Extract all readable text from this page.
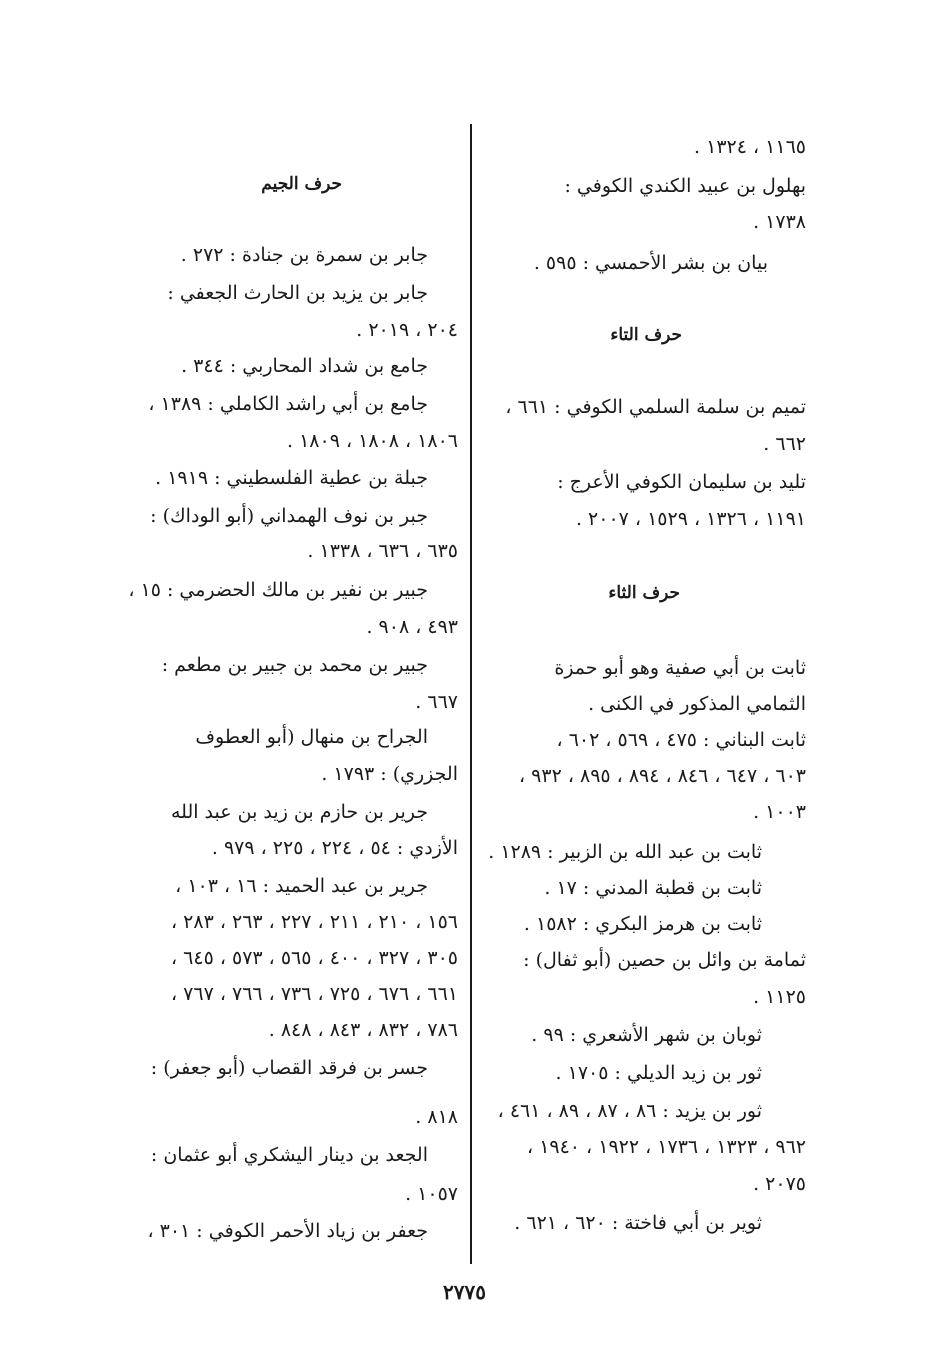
١١٦٥ ، ١٣٢٤ .
بهلول بن عبيد الكندي الكوفي :
١٧٣٨ .
بيان بن بشر الأحمسي : ٥٩٥ .
حرف التاء
تميم بن سلمة السلمي الكوفي : ٦٦١ ،
٦٦٢ .
تليد بن سليمان الكوفي الأعرج :
١١٩١ ، ١٣٢٦ ، ١٥٢٩ ، ٢٠٠٧ .
حرف الثاء
ثابت بن أبي صفية وهو أبو حمزة
الثمامي المذكور في الكنى .
ثابت البناني : ٤٧٥ ، ٥٦٩ ، ٦٠٢ ،
٦٠٣ ، ٦٤٧ ، ٨٤٦ ، ٨٩٤ ، ٨٩٥ ، ٩٣٢ ،
١٠٠٣ .
ثابت بن عبد الله بن الزبير : ١٢٨٩ .
ثابت بن قطبة المدني : ١٧ .
ثابت بن هرمز البكري : ١٥٨٢ .
ثمامة بن وائل بن حصين (أبو ثفال) :
١١٢٥ .
ثوبان بن شهر الأشعري : ٩٩ .
ثور بن زيد الديلي : ١٧٠٥ .
ثور بن يزيد : ٨٦ ، ٨٧ ، ٨٩ ، ٤٦١ ،
٩٦٢ ، ١٣٢٣ ، ١٧٣٦ ، ١٩٢٢ ، ١٩٤٠ ،
٢٠٧٥ .
ثوير بن أبي فاختة : ٦٢٠ ، ٦٢١ .
حرف الجيم
جابر بن سمرة بن جنادة : ٢٧٢ .
جابر بن يزيد بن الحارث الجعفي :
٢٠٤ ، ٢٠١٩ .
جامع بن شداد المحاربي : ٣٤٤ .
جامع بن أبي راشد الكاملي : ١٣٨٩ ،
١٨٠٦ ، ١٨٠٨ ، ١٨٠٩ .
جبلة بن عطية الفلسطيني : ١٩١٩ .
جبر بن نوف الهمداني (أبو الوداك) :
٦٣٥ ، ٦٣٦ ، ١٣٣٨ .
جبير بن نفير بن مالك الحضرمي : ١٥ ،
٤٩٣ ، ٩٠٨ .
جبير بن محمد بن جبير بن مطعم :
٦٦٧ .
الجراح بن منهال (أبو العطوف
الجزري) : ١٧٩٣ .
جرير بن حازم بن زيد بن عبد الله
الأزدي : ٥٤ ، ٢٢٤ ، ٢٢٥ ، ٩٧٩ .
جرير بن عبد الحميد : ١٦ ، ١٠٣ ،
١٥٦ ، ٢١٠ ، ٢١١ ، ٢٢٧ ، ٢٦٣ ، ٢٨٣ ،
٣٠٥ ، ٣٢٧ ، ٤٠٠ ، ٥٦٥ ، ٥٧٣ ، ٦٤٥ ،
٦٦١ ، ٦٧٦ ، ٧٢٥ ، ٧٣٦ ، ٧٦٦ ، ٧٦٧ ،
٧٨٦ ، ٨٣٢ ، ٨٤٣ ، ٨٤٨ .
جسر بن فرقد القصاب (أبو جعفر) :
٨١٨ .
الجعد بن دينار اليشكري أبو عثمان :
١٠٥٧ .
جعفر بن زياد الأحمر الكوفي : ٣٠١ ،
٢٧٧٥
